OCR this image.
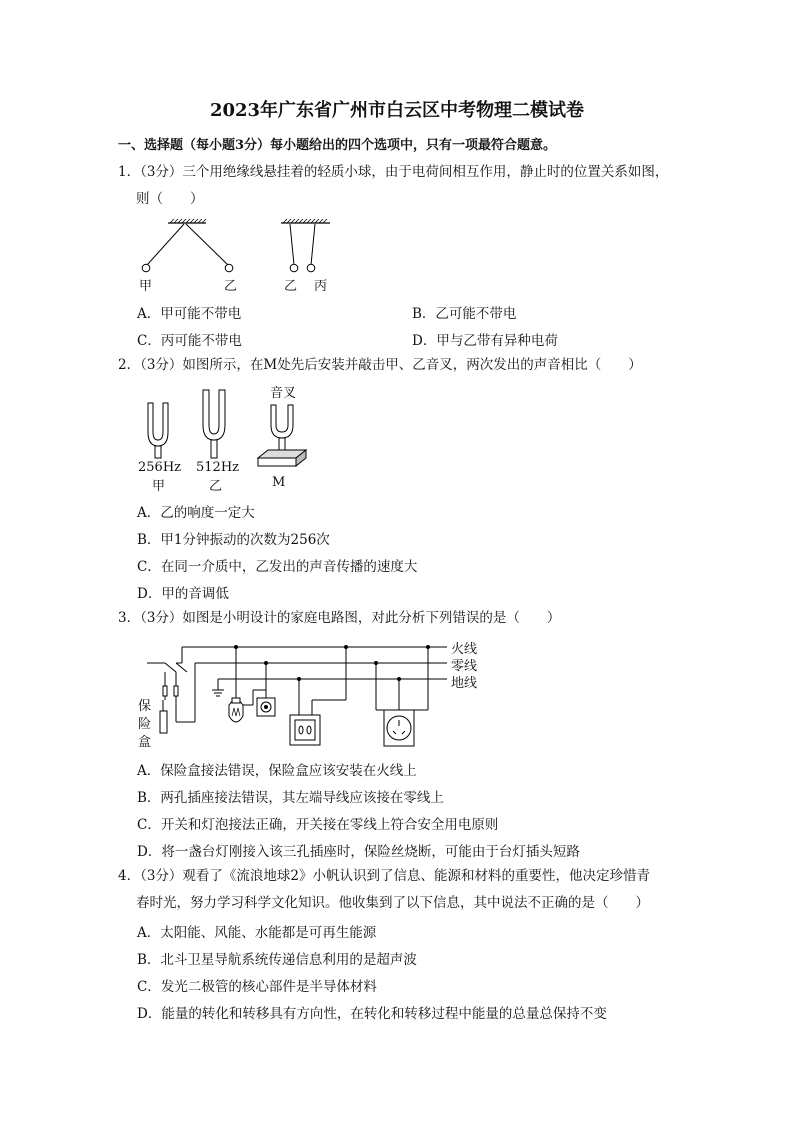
2023年广东省广州市白云区中考物理二模试卷
一、选择题（每小题3分）每小题给出的四个选项中，只有一项最符合题意。
1．（3分）三个用绝缘线悬挂着的轻质小球，由于电荷间相互作用，静止时的位置关系如图，
则（　　）
甲	乙	乙 丙
A．甲可能不带电	B．乙可能不带电
C．丙可能不带电	D．甲与乙带有异种电荷
2．（3分）如图所示，在M处先后安装并敲击甲、乙音叉，两次发出的声音相比（　　）
音叉
256Hz
甲
512Hz
乙	M
A．乙的响度一定大
B．甲1分钟振动的次数为256次
C．在同一介质中，乙发出的声音传播的速度大
D．甲的音调低
3．（3分）如图是小明设计的家庭电路图，对此分析下列错误的是（　　）
火线
零线
地线
保
险
盒
A．保险盒接法错误，保险盒应该安装在火线上
B．两孔插座接法错误，其左端导线应该接在零线上
C．开关和灯泡接法正确，开关接在零线上符合安全用电原则
D．将一盏台灯刚接入该三孔插座时，保险丝烧断，可能由于台灯插头短路
4．（3分）观看了《流浪地球2》小帆认识到了信息、能源和材料的重要性，他决定珍惜青
春时光，努力学习科学文化知识。他收集到了以下信息，其中说法不正确的是（　　）
A．太阳能、风能、水能都是可再生能源
B．北斗卫星导航系统传递信息利用的是超声波
C．发光二极管的核心部件是半导体材料
D．能量的转化和转移具有方向性，在转化和转移过程中能量的总量总保持不变
